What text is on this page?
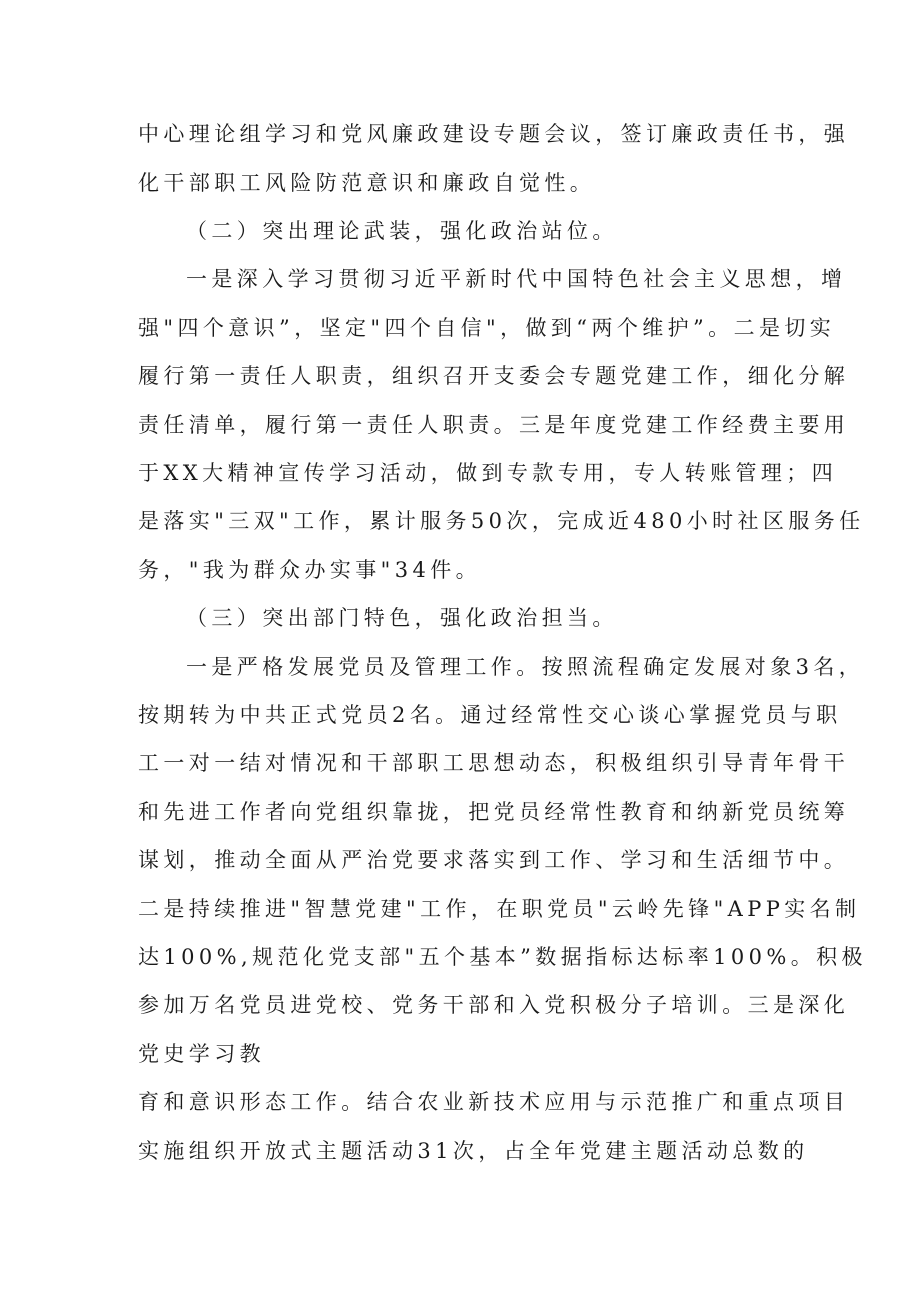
中心理论组学习和党风廉政建设专题会议，签订廉政责任书，强
化干部职工风险防范意识和廉政自觉性。
（二）突出理论武装，强化政治站位。
一是深入学习贯彻习近平新时代中国特色社会主义思想，增
强"四个意识”，坚定"四个自信"，做到“两个维护”。二是切实
履行第一责任人职责，组织召开支委会专题党建工作，细化分解
责任清单，履行第一责任人职责。三是年度党建工作经费主要用
于XX大精神宣传学习活动，做到专款专用，专人转账管理；四
是落实"三双"工作，累计服务50次，完成近480小时社区服务任
务，"我为群众办实事"34件。
（三）突出部门特色，强化政治担当。
一是严格发展党员及管理工作。按照流程确定发展对象3名，
按期转为中共正式党员2名。通过经常性交心谈心掌握党员与职
工一对一结对情况和干部职工思想动态，积极组织引导青年骨干
和先进工作者向党组织靠拢，把党员经常性教育和纳新党员统筹
谋划，推动全面从严治党要求落实到工作、学习和生活细节中。
二是持续推进"智慧党建"工作，在职党员"云岭先锋"APP实名制
达100%,规范化党支部"五个基本”数据指标达标率100%。积极
参加万名党员进党校、党务干部和入党积极分子培训。三是深化
党史学习教
育和意识形态工作。结合农业新技术应用与示范推广和重点项目
实施组织开放式主题活动31次，占全年党建主题活动总数的
